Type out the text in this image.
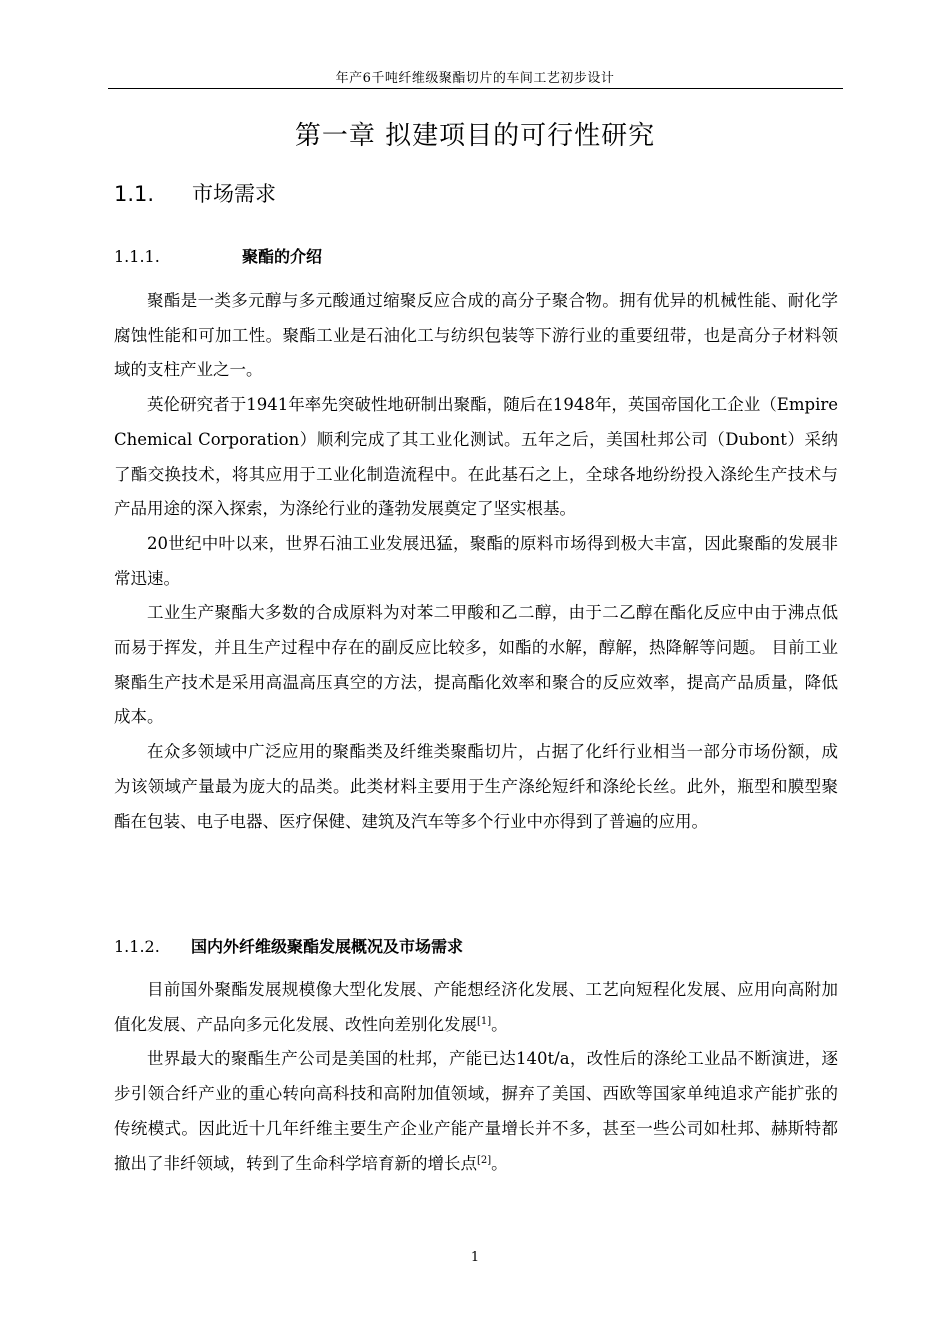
年产6千吨纤维级聚酯切片的车间工艺初步设计
第一章 拟建项目的可行性研究
1.1. 市场需求
1.1.1.	聚酯的介绍

聚酯是一类多元醇与多元酸通过缩聚反应合成的高分子聚合物。拥有优异的机械性能、耐化学腐蚀性能和可加工性。聚酯工业是石油化工与纺织包装等下游行业的重要纽带，也是高分子材料领域的支柱产业之一。

英伦研究者于1941年率先突破性地研制出聚酯，随后在1948年，英国帝国化工企业（Empire Chemical Corporation）顺利完成了其工业化测试。五年之后，美国杜邦公司（Dubont）采纳了酯交换技术，将其应用于工业化制造流程中。在此基石之上，全球各地纷纷投入涤纶生产技术与产品用途的深入探索，为涤纶行业的蓬勃发展奠定了坚实根基。

20世纪中叶以来，世界石油工业发展迅猛，聚酯的原料市场得到极大丰富，因此聚酯的发展非常迅速。

工业生产聚酯大多数的合成原料为对苯二甲酸和乙二醇，由于二乙醇在酯化反应中由于沸点低而易于挥发，并且生产过程中存在的副反应比较多，如酯的水解，醇解，热降解等问题。 目前工业聚酯生产技术是采用高温高压真空的方法，提高酯化效率和聚合的反应效率，提高产品质量，降低成本。

在众多领域中广泛应用的聚酯类及纤维类聚酯切片，占据了化纤行业相当一部分市场份额，成为该领域产量最为庞大的品类。此类材料主要用于生产涤纶短纤和涤纶长丝。此外，瓶型和膜型聚酯在包装、电子电器、医疗保健、建筑及汽车等多个行业中亦得到了普遍的应用。

1.1.2. 国内外纤维级聚酯发展概况及市场需求

目前国外聚酯发展规模像大型化发展、产能想经济化发展、工艺向短程化发展、应用向高附加值化发展、产品向多元化发展、改性向差别化发展[1]。

世界最大的聚酯生产公司是美国的杜邦，产能已达140t/a，改性后的涤纶工业品不断演进，逐步引领合纤产业的重心转向高科技和高附加值领域，摒弃了美国、西欧等国家单纯追求产能扩张的传统模式。因此近十几年纤维主要生产企业产能产量增长并不多，甚至一些公司如杜邦、赫斯特都撤出了非纤领域，转到了生命科学培育新的增长点[2]。

1
